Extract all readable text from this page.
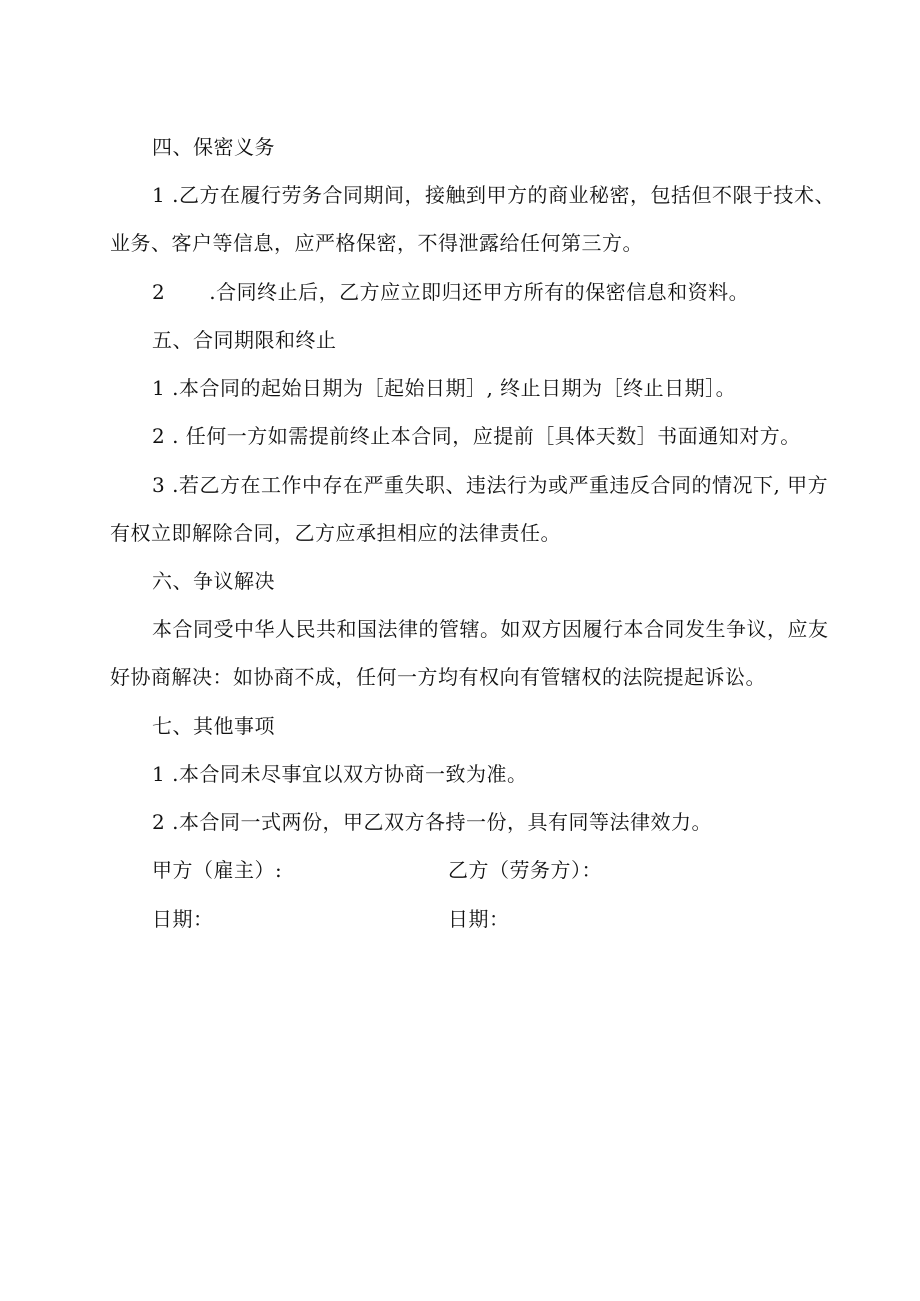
四、保密义务
1 .乙方在履行劳务合同期间，接触到甲方的商业秘密，包括但不限于技术、
业务、客户等信息，应严格保密，不得泄露给任何第三方。
2 .合同终止后，乙方应立即归还甲方所有的保密信息和资料。
五、合同期限和终止
1 .本合同的起始日期为［起始日期］, 终止日期为［终止日期］。
2 . 任何一方如需提前终止本合同，应提前［具体天数］书面通知对方。
3 .若乙方在工作中存在严重失职、违法行为或严重违反合同的情况下, 甲方
有权立即解除合同，乙方应承担相应的法律责任。
六、争议解决
本合同受中华人民共和国法律的管辖。如双方因履行本合同发生争议，应友
好协商解决：如协商不成，任何一方均有权向有管辖权的法院提起诉讼。
七、其他事项
1 .本合同未尽事宜以双方协商一致为准。
2 .本合同一式两份，甲乙双方各持一份，具有同等法律效力。
甲方（雇主）:	乙方（劳务方）：
日期：	日期：
